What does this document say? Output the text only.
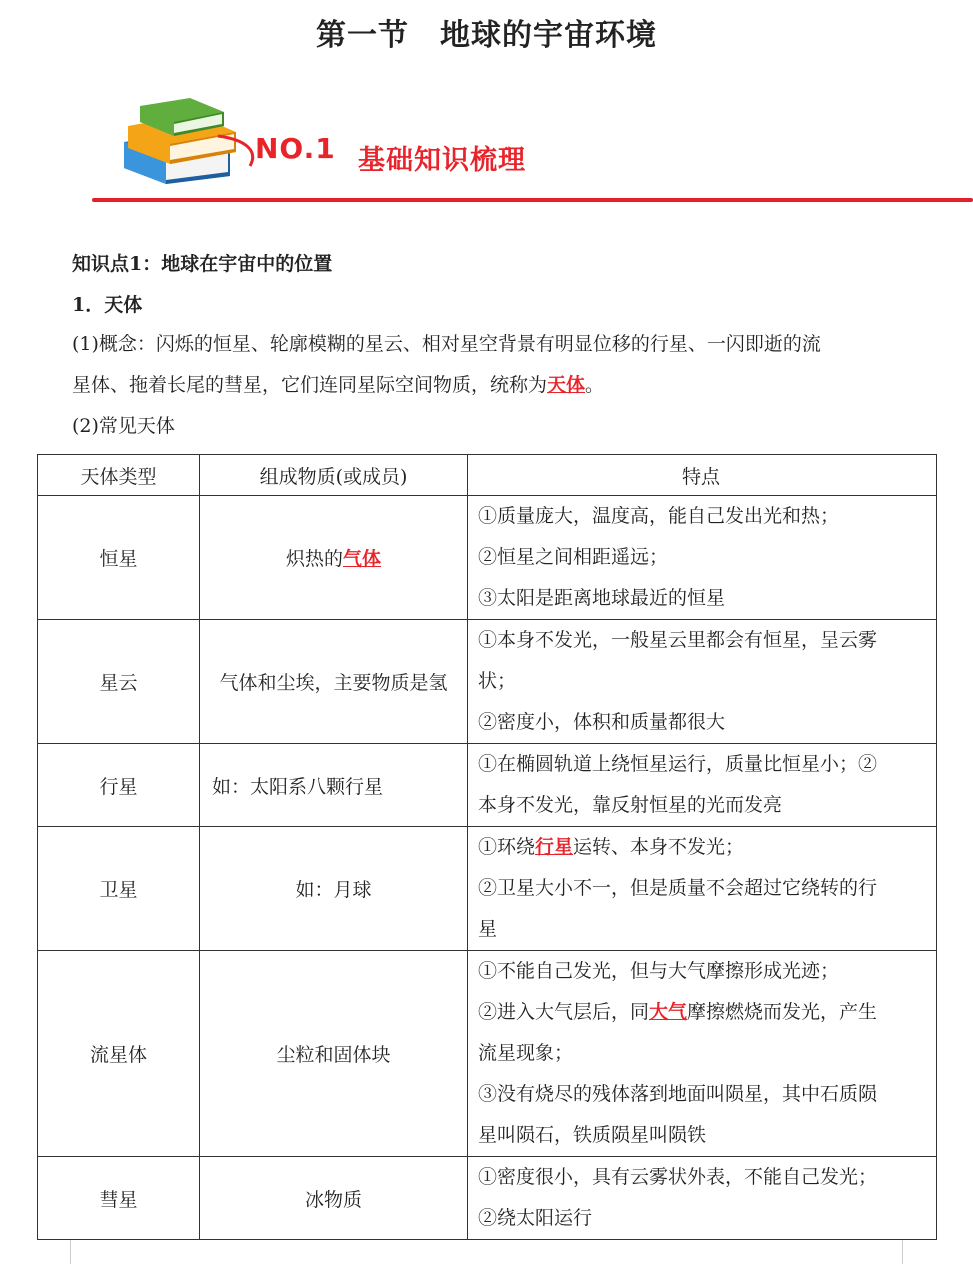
第一节　地球的宇宙环境
NO.1 基础知识梳理
知识点1：地球在宇宙中的位置
1．天体
(1)概念：闪烁的恒星、轮廓模糊的星云、相对星空背景有明显位移的行星、一闪即逝的流
星体、拖着长尾的彗星，它们连同星际空间物质，统称为天体。
(2)常见天体
天体类型	组成物质(或成员)	特点
恒星	炽热的气体	①质量庞大，温度高，能自己发出光和热；
②恒星之间相距遥远；
③太阳是距离地球最近的恒星

星云	气体和尘埃，主要物质是氢	①本身不发光，一般星云里都会有恒星，呈云雾
状；
②密度小，体积和质量都很大

行星	如：太阳系八颗行星	①在椭圆轨道上绕恒星运行，质量比恒星小；②
本身不发光，靠反射恒星的光而发亮

卫星	如：月球	①环绕行星运转、本身不发光；
②卫星大小不一，但是质量不会超过它绕转的行
星

流星体	尘粒和固体块	①不能自己发光，但与大气摩擦形成光迹；
②进入大气层后，同大气摩擦燃烧而发光，产生
流星现象；
③没有烧尽的残体落到地面叫陨星，其中石质陨
星叫陨石，铁质陨星叫陨铁

彗星	冰物质	①密度很小，具有云雾状外表，不能自己发光；
②绕太阳运行
